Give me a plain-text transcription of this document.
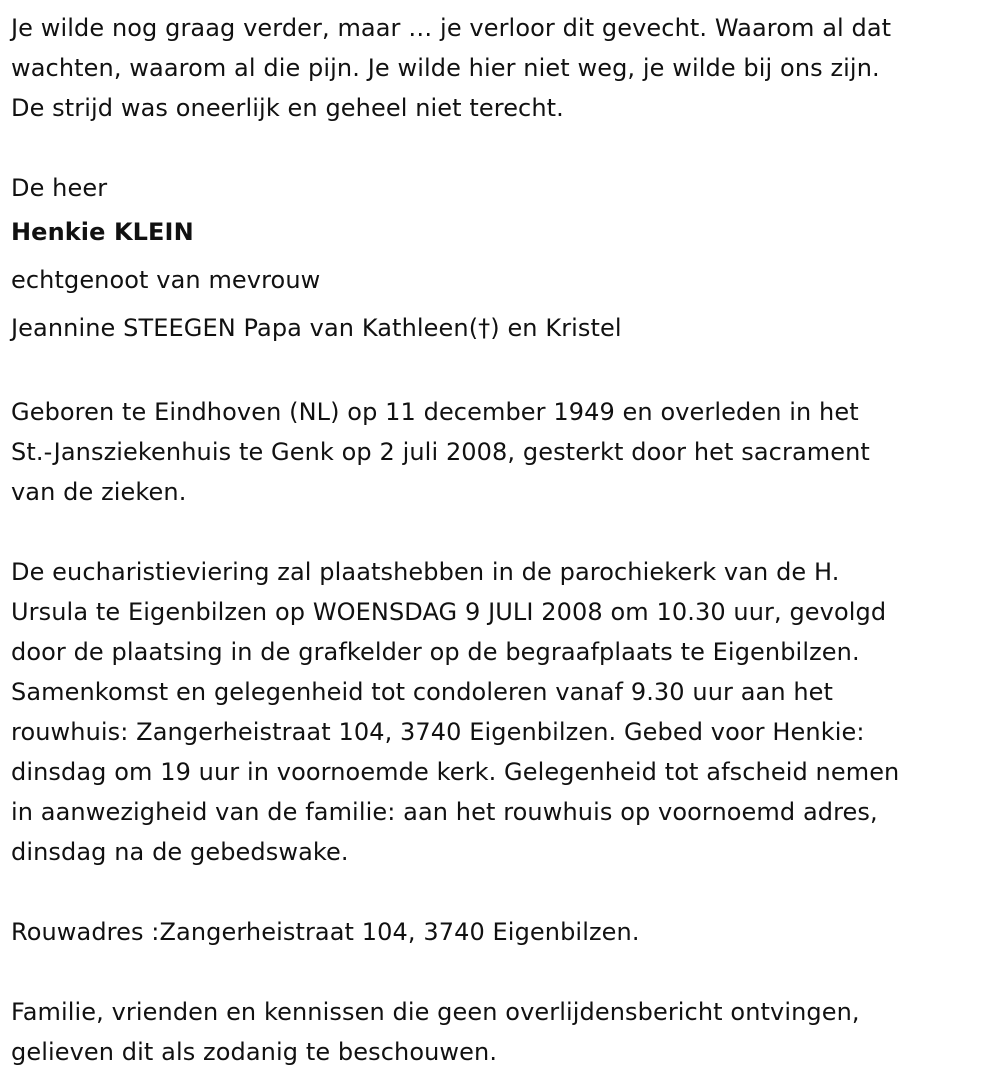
Je wilde nog graag verder, maar … je verloor dit gevecht. Waarom al dat

wachten, waarom al die pijn. Je wilde hier niet weg, je wilde bij ons zijn.

De strijd was oneerlijk en geheel niet terecht.

De heer

Henkie KLEIN

echtgenoot van mevrouw

Jeannine STEEGEN Papa van Kathleen(†) en Kristel

Geboren te Eindhoven (NL) op 11 december 1949 en overleden in het

St.-Jansziekenhuis te Genk op 2 juli 2008, gesterkt door het sacrament

van de zieken.

De eucharistieviering zal plaatshebben in de parochiekerk van de H.

Ursula te Eigenbilzen op WOENSDAG 9 JULI 2008 om 10.30 uur, gevolgd

door de plaatsing in de grafkelder op de begraafplaats te Eigenbilzen.

Samenkomst en gelegenheid tot condoleren vanaf 9.30 uur aan het

rouwhuis: Zangerheistraat 104, 3740 Eigenbilzen. Gebed voor Henkie:

dinsdag om 19 uur in voornoemde kerk. Gelegenheid tot afscheid nemen

in aanwezigheid van de familie: aan het rouwhuis op voornoemd adres,

dinsdag na de gebedswake.

Rouwadres :Zangerheistraat 104, 3740 Eigenbilzen.

Familie, vrienden en kennissen die geen overlijdensbericht ontvingen,

gelieven dit als zodanig te beschouwen.
